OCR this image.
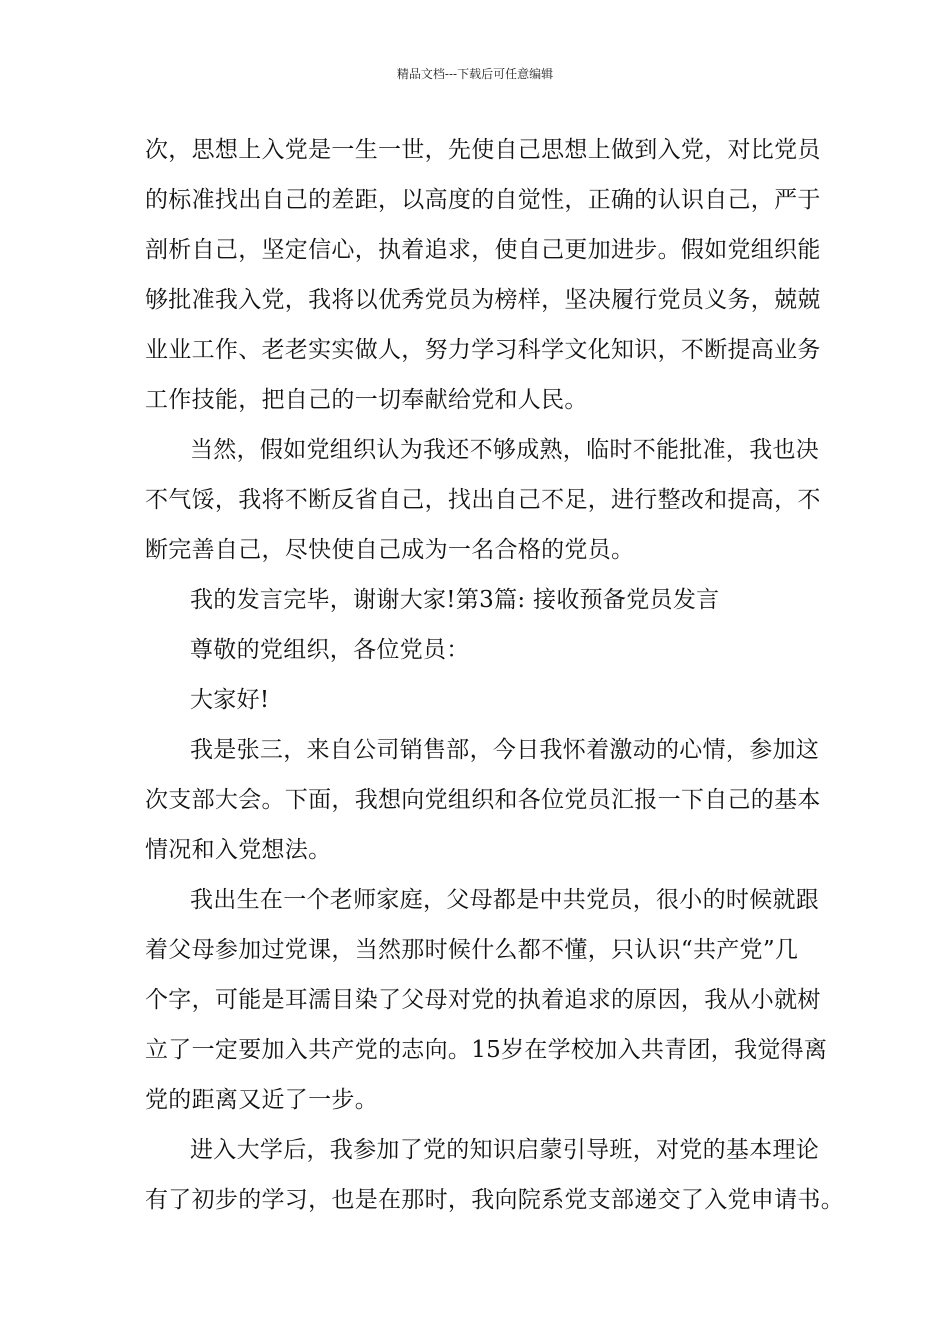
精品文档---下载后可任意编辑
次，思想上入党是一生一世，先使自己思想上做到入党，对比党员
的标准找出自己的差距，以高度的自觉性，正确的认识自己，严于
剖析自己，坚定信心，执着追求，使自己更加进步。假如党组织能
够批准我入党，我将以优秀党员为榜样，坚决履行党员义务，兢兢
业业工作、老老实实做人，努力学习科学文化知识，不断提高业务
工作技能，把自己的一切奉献给党和人民。
当然，假如党组织认为我还不够成熟，临时不能批准，我也决
不气馁，我将不断反省自己，找出自己不足，进行整改和提高，不
断完善自己，尽快使自己成为一名合格的党员。
我的发言完毕，谢谢大家!第3篇: 接收预备党员发言
尊敬的党组织，各位党员：
大家好!
我是张三，来自公司销售部，今日我怀着激动的心情，参加这
次支部大会。下面，我想向党组织和各位党员汇报一下自己的基本
情况和入党想法。
我出生在一个老师家庭，父母都是中共党员，很小的时候就跟
着父母参加过党课，当然那时候什么都不懂，只认识“共产党”几
个字，可能是耳濡目染了父母对党的执着追求的原因，我从小就树
立了一定要加入共产党的志向。15岁在学校加入共青团，我觉得离
党的距离又近了一步。
进入大学后，我参加了党的知识启蒙引导班，对党的基本理论
有了初步的学习，也是在那时，我向院系党支部递交了入党申请书。
